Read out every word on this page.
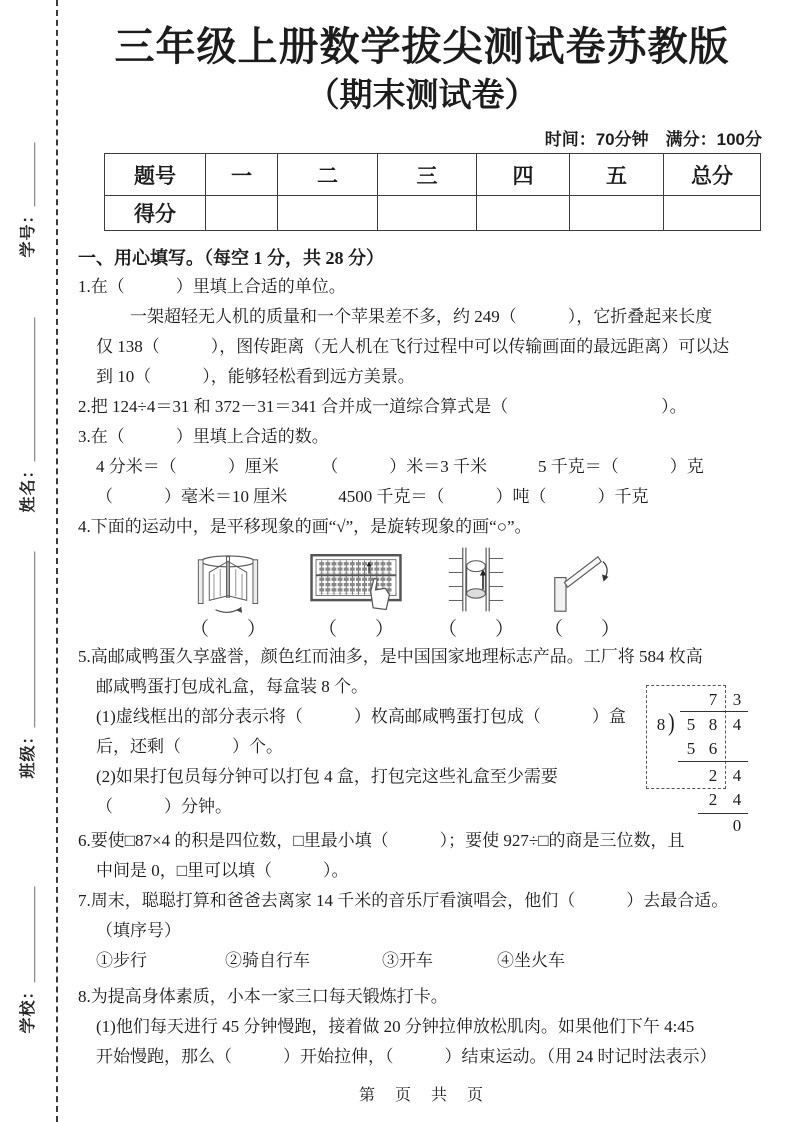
学号：＿＿＿＿
姓名：＿＿＿＿＿＿＿＿＿
班级：＿＿＿＿＿＿＿＿＿＿＿
学校：＿＿＿＿＿＿
三年级上册数学拔尖测试卷苏教版
（期末测试卷）
时间：70分钟　满分：100分
题号	一	二	三	四	五	总分
得分						
一、用心填写。（每空 1 分，共 28 分）
1.在（　　　）里填上合适的单位。
一架超轻无人机的质量和一个苹果差不多，约 249（　　　），它折叠起来长度
仅 138（　　　），图传距离（无人机在飞行过程中可以传输画面的最远距离）可以达
到 10（　　　），能够轻松看到远方美景。
2.把 124÷4＝31 和 372－31＝341 合并成一道综合算式是（　　　　　　　　　）。
3.在（　　　）里填上合适的数。
4 分米＝（　　　）厘米　　　（　　　）米＝3 千米　　　5 千克＝（　　　）克
（　　　）毫米＝10 厘米　　　4500 千克＝（　　　）吨（　　　）千克
4.下面的运动中，是平移现象的画“√”，是旋转现象的画“○”。
（　　）	（　　） （　　） （　　）
5.高邮咸鸭蛋久享盛誉，颜色红而油多，是中国国家地理标志产品。工厂将 584 枚高
邮咸鸭蛋打包成礼盒，每盒装 8 个。
(1)虚线框出的部分表示将（　　　）枚高邮咸鸭蛋打包成（　　　）盒
后，还剩（　　　）个。
(2)如果打包员每分钟可以打包 4 盒，打包完这些礼盒至少需要
（　　　）分钟。
7 3
8 ) 5 8 4
5 6
2 4
2 4
0
6.要使□87×4 的积是四位数，□里最小填（　　　）；要使 927÷□的商是三位数，且
中间是 0，□里可以填（　　　）。
7.周末，聪聪打算和爸爸去离家 14 千米的音乐厅看演唱会，他们（　　　）去最合适。
（填序号）
①步行	②骑自行车	③开车	④坐火车
8.为提高身体素质，小本一家三口每天锻炼打卡。
(1)他们每天进行 45 分钟慢跑，接着做 20 分钟拉伸放松肌肉。如果他们下午 4:45
开始慢跑，那么（　　　）开始拉伸，（　　　）结束运动。（用 24 时记时法表示）
第　页　共　页
